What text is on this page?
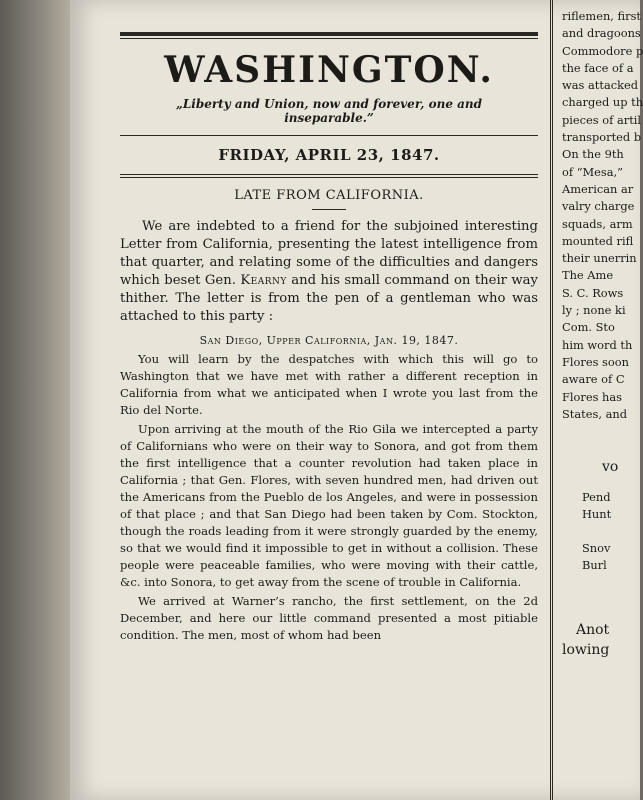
WASHINGTON.
„Liberty and Union, now and forever, one and inseparable.”
FRIDAY, APRIL 23, 1847.
LATE FROM CALIFORNIA.

We are indebted to a friend for the subjoined interesting Letter from California, presenting the latest intelligence from that quarter, and relating some of the difficulties and dangers which beset Gen. Kearny and his small command on their way thither. The letter is from the pen of a gentleman who was attached to this party :

San Diego, Upper California, Jan. 19, 1847.

You will learn by the despatches with which this will go to Washington that we have met with rather a different reception in California from what we anticipated when I wrote you last from the Rio del Norte.

Upon arriving at the mouth of the Rio Gila we intercepted a party of Californians who were on their way to Sonora, and got from them the first intelligence that a counter revolution had taken place in California ; that Gen. Flores, with seven hundred men, had driven out the Americans from the Pueblo de los Angeles, and were in possession of that place ; and that San Diego had been taken by Com. Stockton, though the roads leading from it were strongly guarded by the enemy, so that we would find it impossible to get in without a collision. These people were peaceable families, who were moving with their cattle, &c. into Sonora, to get away from the scene of trouble in California.

We arrived at Warner’s rancho, the first settlement, on the 2d December, and here our little command presented a most pitiable condition. The men, most of whom had been

riflemen, first
and dragoons
Commodore p
the face of a
was attacked
charged up th
pieces of artil
transported b
On the 9th
of “Mesa,”
American ar
valry charge
squads, arm
mounted rifl
their unerrin
The Ame
S. C. Rows
ly ; none ki
Com. Sto
him word th
Flores soon
aware of C
Flores has
States, and
vo
Pend
Hunt
Snov
Burl
Anot
lowing
